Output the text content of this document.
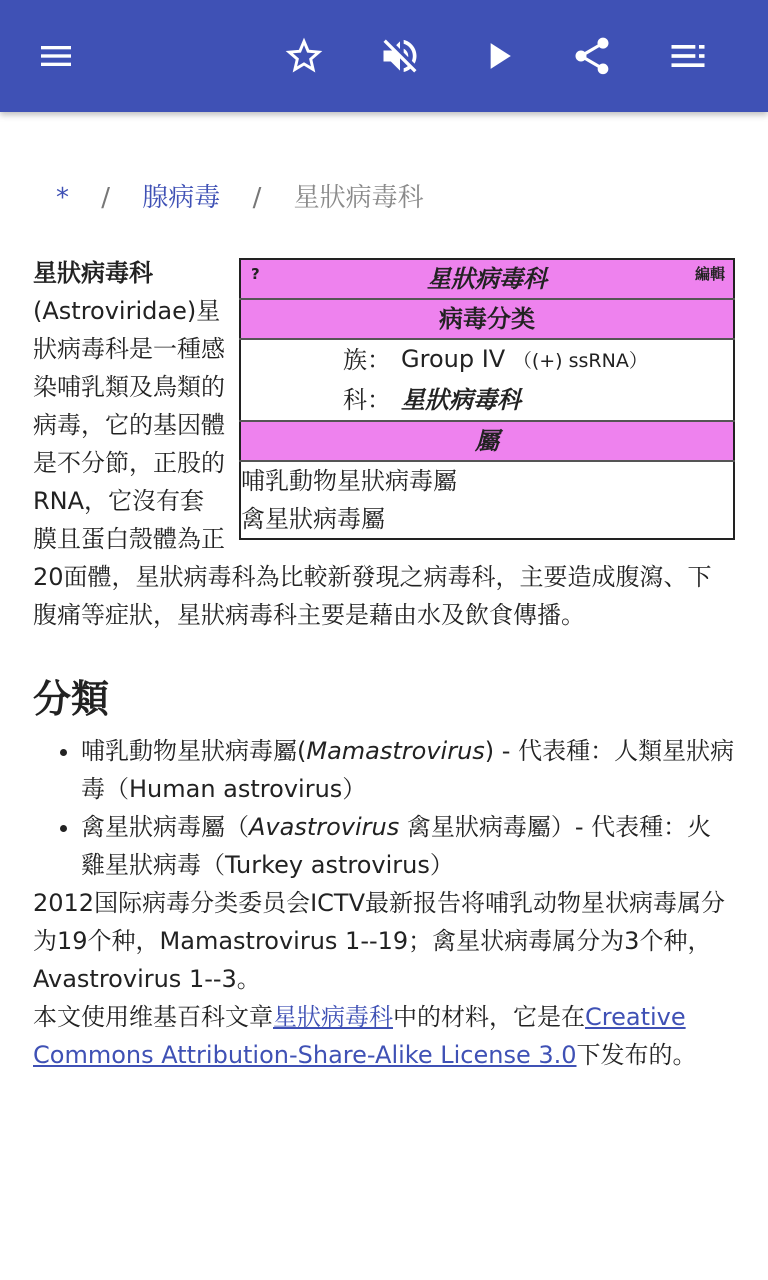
* / 腺病毒 / 星狀病毒科
?	星狀病毒科	編輯

病毒分类

族： Group IV （(+) ssRNA）
科： 星狀病毒科

屬

哺乳動物星狀病毒屬
禽星狀病毒屬

星狀病毒科
(Astroviridae)星狀病毒科是一種感染哺乳類及鳥類的病毒，它的基因體是不分節，正股的RNA，它沒有套膜且蛋白殼體為正20面體，星狀病毒科為比較新發現之病毒科，主要造成腹瀉、下腹痛等症狀，星狀病毒科主要是藉由水及飲食傳播。

分類
• 哺乳動物星狀病毒屬(Mamastrovirus) - 代表種：人類星狀病毒（Human astrovirus）
• 禽星狀病毒屬（Avastrovirus 禽星狀病毒屬）- 代表種：火雞星狀病毒（Turkey astrovirus）

2012国际病毒分类委员会ICTV最新报告将哺乳动物星状病毒属分为19个种，Mamastrovirus 1--19；禽星状病毒属分为3个种，Avastrovirus 1--3。

本文使用维基百科文章星狀病毒科中的材料，它是在Creative Commons Attribution-Share-Alike License 3.0下发布的。
